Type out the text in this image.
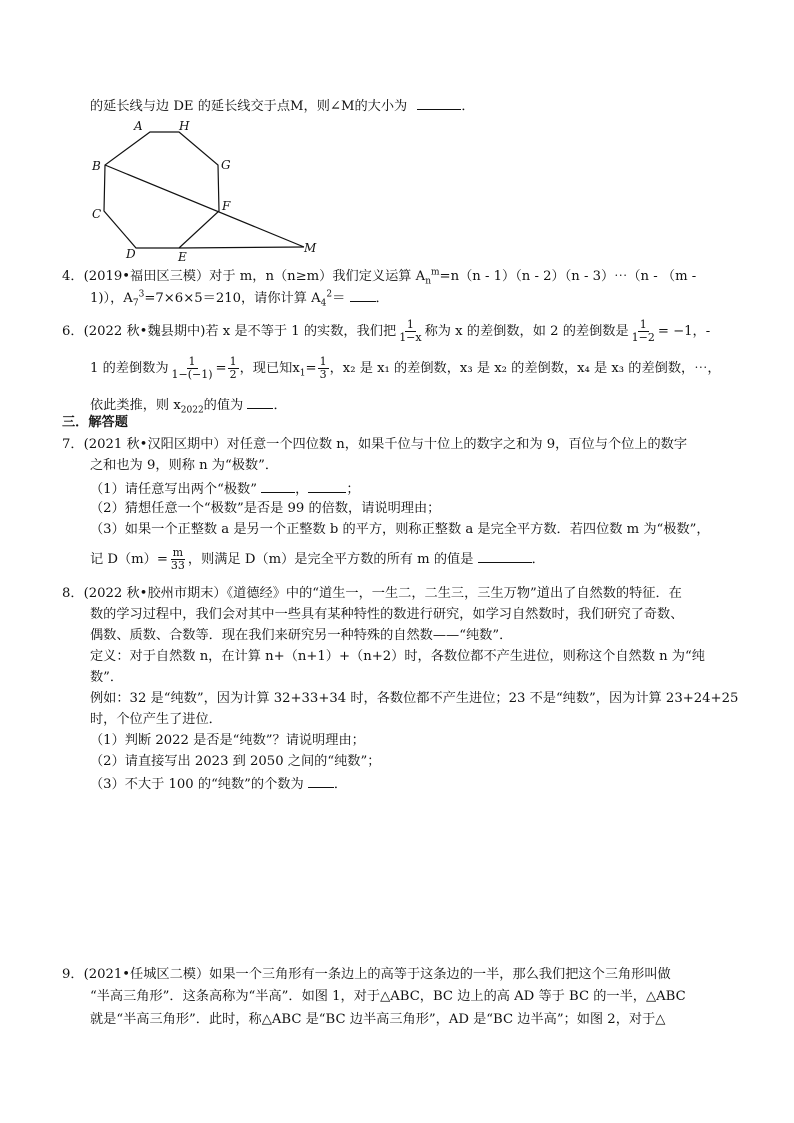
的延长线与边 DE 的延长线交于点M，则∠M的大小为	．
A	H
G
F
M
E
D
C
B
4．(2019•福田区三模）对于 m，n（n≥m）我们定义运算 $A_n^m=n(n - 1)(n - 2)(n$ - 3）⋯（n - （m -
1)），$A_7^3=7\times 6\times 5=210$，请你计算 $A_4^2=$ ．
6．(2022 秋•魏县期中)若 x 是不等于 1 的实数，我们把 $\frac{1}{1-x}$ 称为 x 的差倒数，如 2 的差倒数是 $\frac{1}{1-2} = -1$，-
1 的差倒数为 $\frac{1}{1-(-1)} = \frac{1}{2}$ ，现已知$x_1= \frac{1}{3}$ ，x₂ 是 x₁ 的差倒数，x₃ 是 x₂ 的差倒数，x₄ 是 x₃ 的差倒数，⋯，
依此类推，则 $x_{2022}$的值为 ．
三．解答题
7．(2021 秋•汉阳区期中）对任意一个四位数 n，如果千位与十位上的数字之和为 9，百位与个位上的数字
之和也为 9，则称 n 为“极数”．
（1）请任意写出两个“极数”	，	；
（2）猜想任意一个“极数”是否是 99 的倍数，请说明理由；
（3）如果一个正整数 a 是另一个正整数 b 的平方，则称正整数 a 是完全平方数．若四位数 m 为“极数”，
记 $D(m)= \frac{m}{33}$ ，则满足 D（m）是完全平方数的所有 m 的值是	．
8．(2022 秋•胶州市期末）《道德经》中的“道生一，一生二，二生三，三生万物”道出了自然数的特征．在
数的学习过程中，我们会对其中一些具有某种特性的数进行研究，如学习自然数时，我们研究了奇数、
偶数、质数、合数等．现在我们来研究另一种特殊的自然数——“纯数”．
定义：对于自然数 n，在计算 n+（n+1）+（n+2）时，各数位都不产生进位，则称这个自然数 n 为“纯
数”．
例如：32 是“纯数”，因为计算 32+33+34 时，各数位都不产生进位；23 不是“纯数”，因为计算 23+24+25
时，个位产生了进位．
（1）判断 2022 是否是“纯数”？请说明理由；
（2）请直接写出 2023 到 2050 之间的“纯数”；
（3）不大于 100 的“纯数”的个数为 ．
9．(2021•任城区二模）如果一个三角形有一条边上的高等于这条边的一半，那么我们把这个三角形叫做
“半高三角形”．这条高称为“半高”．如图 1，对于△ABC，BC 边上的高 AD 等于 BC 的一半，△ABC
就是“半高三角形”．此时，称△ABC 是“BC 边半高三角形”，AD 是“BC 边半高”；如图 2，对于△
